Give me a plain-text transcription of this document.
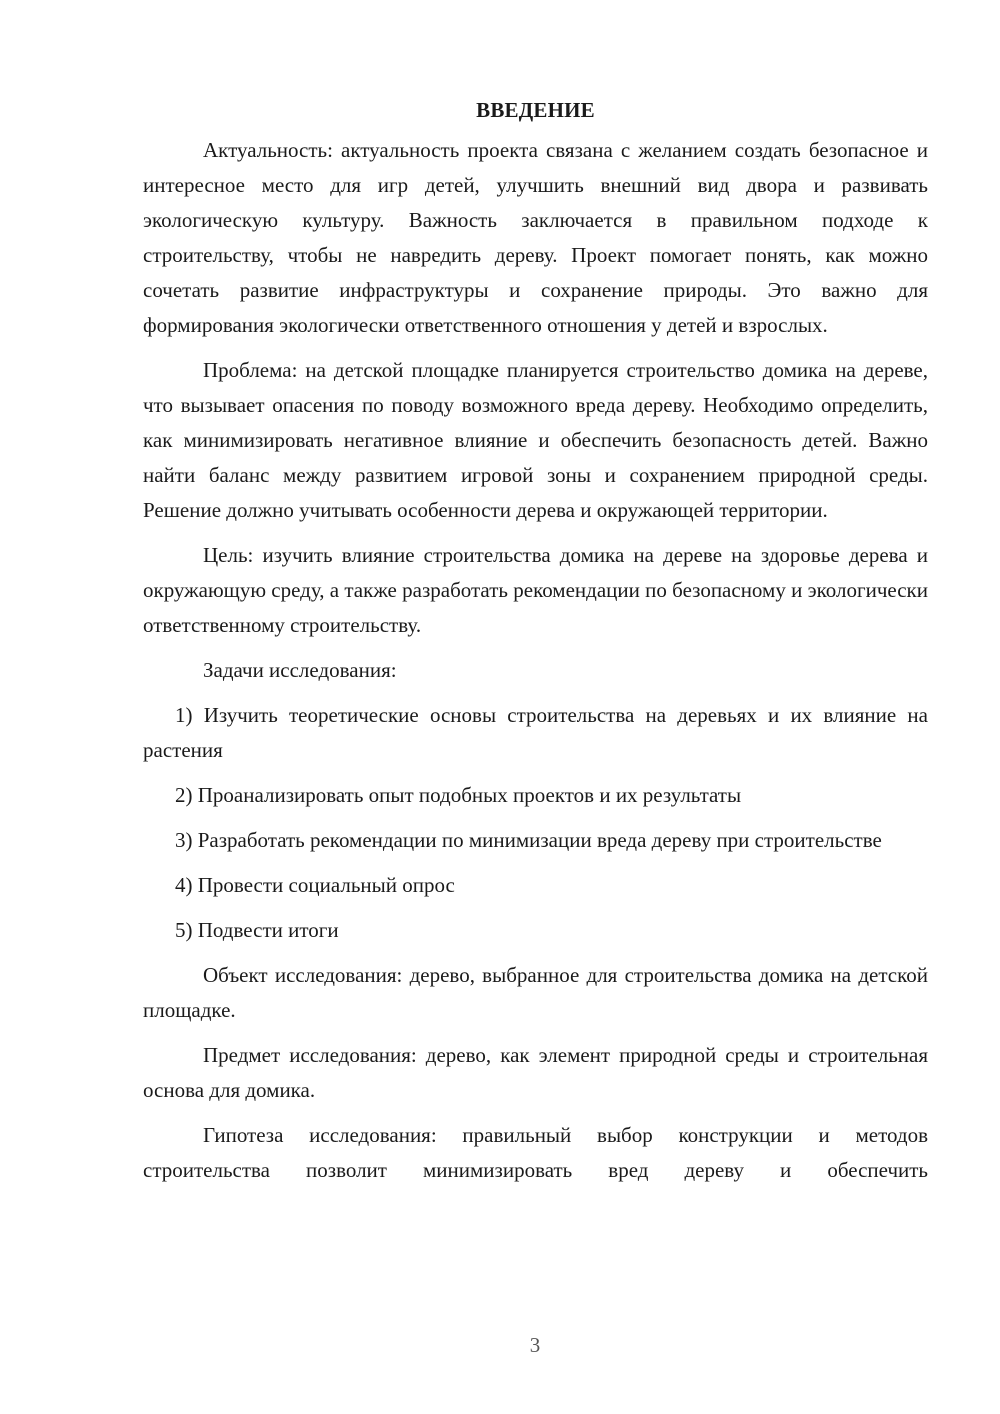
ВВЕДЕНИЕ

Актуальность: актуальность проекта связана с желанием создать безопасное и интересное место для игр детей, улучшить внешний вид двора и развивать экологическую культуру. Важность заключается в правильном подходе к строительству, чтобы не навредить дереву. Проект помогает понять, как можно сочетать развитие инфраструктуры и сохранение природы. Это важно для формирования экологически ответственного отношения у детей и взрослых.

Проблема: на детской площадке планируется строительство домика на дереве, что вызывает опасения по поводу возможного вреда дереву. Необходимо определить, как минимизировать негативное влияние и обеспечить безопасность детей. Важно найти баланс между развитием игровой зоны и сохранением природной среды. Решение должно учитывать особенности дерева и окружающей территории.

Цель: изучить влияние строительства домика на дереве на здоровье дерева и окружающую среду, а также разработать рекомендации по безопасному и экологически ответственному строительству.

Задачи исследования:

1) Изучить теоретические основы строительства на деревьях и их влияние на растения

2) Проанализировать опыт подобных проектов и их результаты

3) Разработать рекомендации по минимизации вреда дереву при строительстве

4) Провести социальный опрос

5) Подвести итоги

Объект исследования: дерево, выбранное для строительства домика на детской площадке.

Предмет исследования: дерево, как элемент природной среды и строительная основа для домика.

Гипотеза исследования: правильный выбор конструкции и методов строительства позволит минимизировать вред дереву и обеспечить

3
